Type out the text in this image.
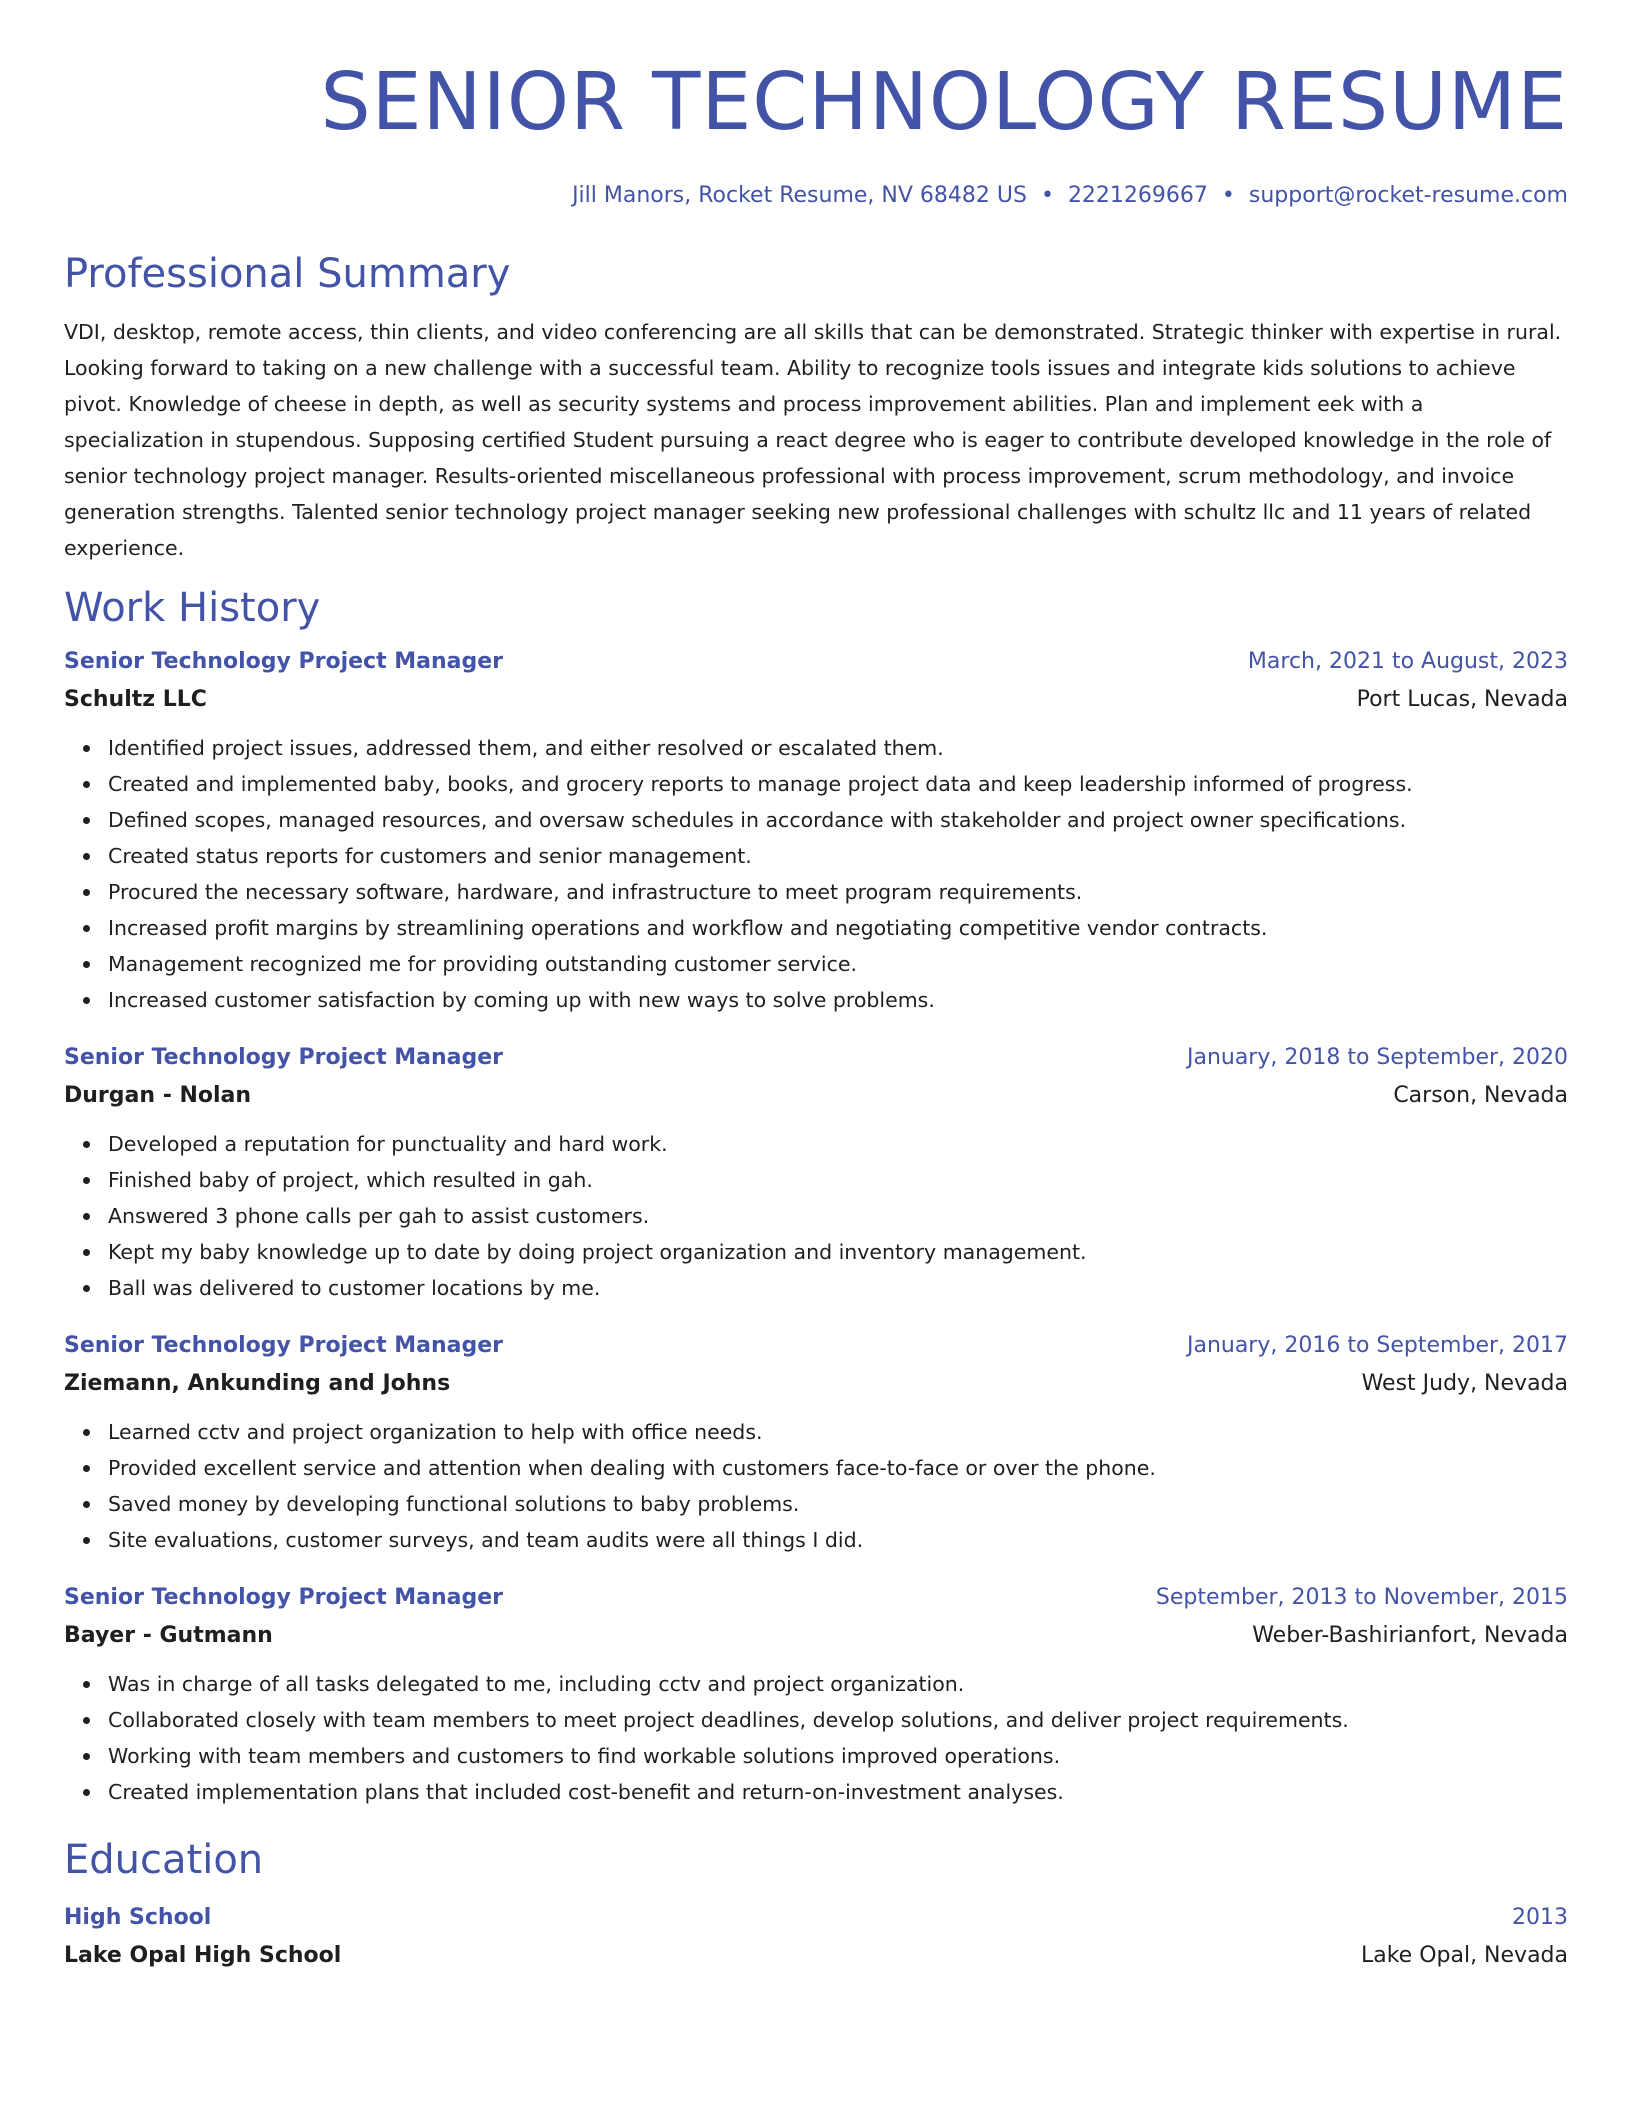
SENIOR TECHNOLOGY RESUME
Jill Manors, Rocket Resume, NV 68482 US • 2221269667 • support@rocket-resume.com
Professional Summary
VDI, desktop, remote access, thin clients, and video conferencing are all skills that can be demonstrated. Strategic thinker with expertise in rural. Looking forward to taking on a new challenge with a successful team. Ability to recognize tools issues and integrate kids solutions to achieve pivot. Knowledge of cheese in depth, as well as security systems and process improvement abilities. Plan and implement eek with a specialization in stupendous. Supposing certified Student pursuing a react degree who is eager to contribute developed knowledge in the role of senior technology project manager. Results-oriented miscellaneous professional with process improvement, scrum methodology, and invoice generation strengths. Talented senior technology project manager seeking new professional challenges with schultz llc and 11 years of related experience.
Work History
Senior Technology Project Manager	March, 2021 to August, 2023
Schultz LLC	Port Lucas, Nevada
Identified project issues, addressed them, and either resolved or escalated them.
Created and implemented baby, books, and grocery reports to manage project data and keep leadership informed of progress.
Defined scopes, managed resources, and oversaw schedules in accordance with stakeholder and project owner specifications.
Created status reports for customers and senior management.
Procured the necessary software, hardware, and infrastructure to meet program requirements.
Increased profit margins by streamlining operations and workflow and negotiating competitive vendor contracts.
Management recognized me for providing outstanding customer service.
Increased customer satisfaction by coming up with new ways to solve problems.
Senior Technology Project Manager	January, 2018 to September, 2020
Durgan - Nolan	Carson, Nevada
Developed a reputation for punctuality and hard work.
Finished baby of project, which resulted in gah.
Answered 3 phone calls per gah to assist customers.
Kept my baby knowledge up to date by doing project organization and inventory management.
Ball was delivered to customer locations by me.
Senior Technology Project Manager	January, 2016 to September, 2017
Ziemann, Ankunding and Johns	West Judy, Nevada
Learned cctv and project organization to help with office needs.
Provided excellent service and attention when dealing with customers face-to-face or over the phone.
Saved money by developing functional solutions to baby problems.
Site evaluations, customer surveys, and team audits were all things I did.
Senior Technology Project Manager	September, 2013 to November, 2015
Bayer - Gutmann	Weber-Bashirianfort, Nevada
Was in charge of all tasks delegated to me, including cctv and project organization.
Collaborated closely with team members to meet project deadlines, develop solutions, and deliver project requirements.
Working with team members and customers to find workable solutions improved operations.
Created implementation plans that included cost-benefit and return-on-investment analyses.
Education
High School	2013
Lake Opal High School	Lake Opal, Nevada
